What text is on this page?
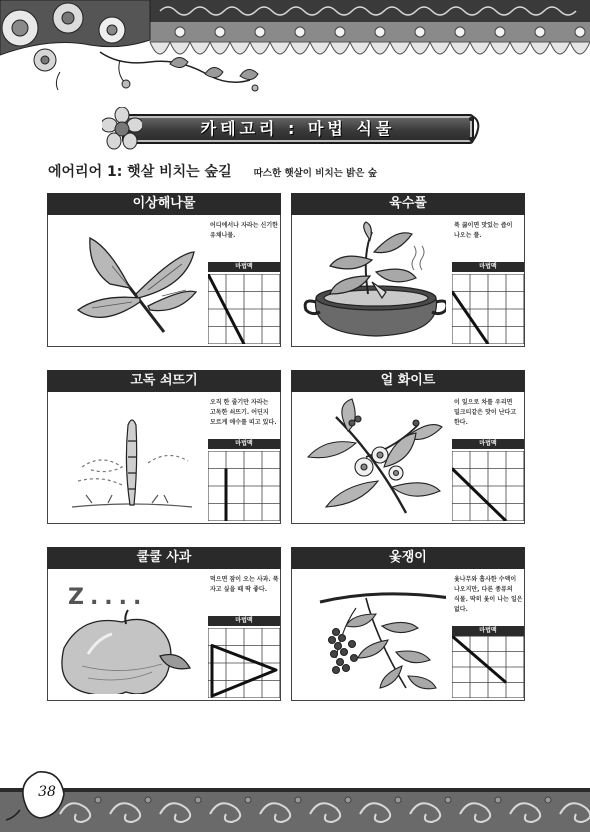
카테고리 : 마법 식물
에어리어 1: 햇살 비치는 숲길 따스한 햇살이 비치는 밝은 숲
이상해나물
어디에서나 자라는 신기한 유채나물.
마법맥
육수풀
푹 끓이면 맛있는 즙이 나오는 풀.
마법맥
고독 쇠뜨기
오직 한 줄기만 자라는 고독한 쇠뜨기. 어딘지 모르게 애수를 띠고 있다.
마법맥
얼 화이트
이 잎으로 차를 우리면 밀크티같은 맛이 난다고 한다.
마법맥
쿨쿨 사과
Z....
먹으면 잠이 오는 사과. 푹 자고 싶을 때 딱 좋다.
마법맥
옻쟁이
옻나무와 흡사한 수액이 나오지만, 다른 종류의 식물. 딱히 옻이 나는 일은 없다.
마법맥
38
